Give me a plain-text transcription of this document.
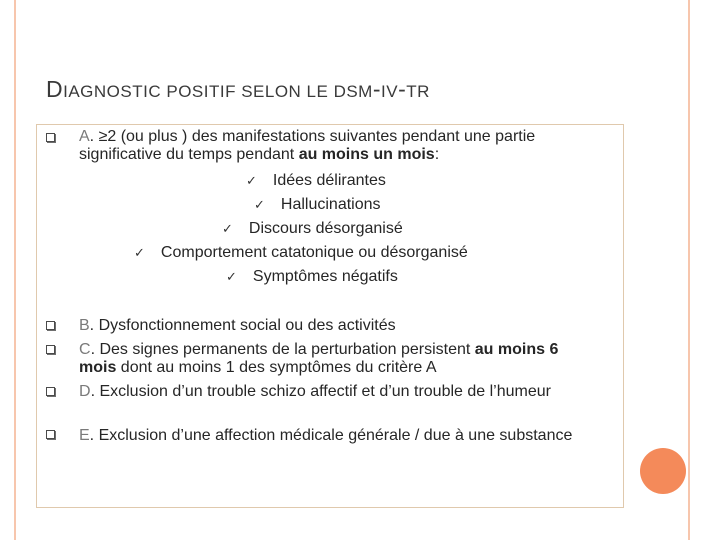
DIAGNOSTIC POSITIF SELON LE DSM-IV-TR

A. ≥2 (ou plus ) des manifestations suivantes pendant une partie significative du temps pendant au moins un mois:

✓ Idées délirantes
✓ Hallucinations
✓ Discours désorganisé
✓ Comportement catatonique ou désorganisé
✓ Symptômes négatifs

B. Dysfonctionnement social ou des activités

C. Des signes permanents de la perturbation persistent au moins 6 mois dont au moins 1 des symptômes du critère A

D. Exclusion d’un trouble schizo affectif et d’un trouble de l’humeur

E. Exclusion d’une affection médicale générale / due à une substance
